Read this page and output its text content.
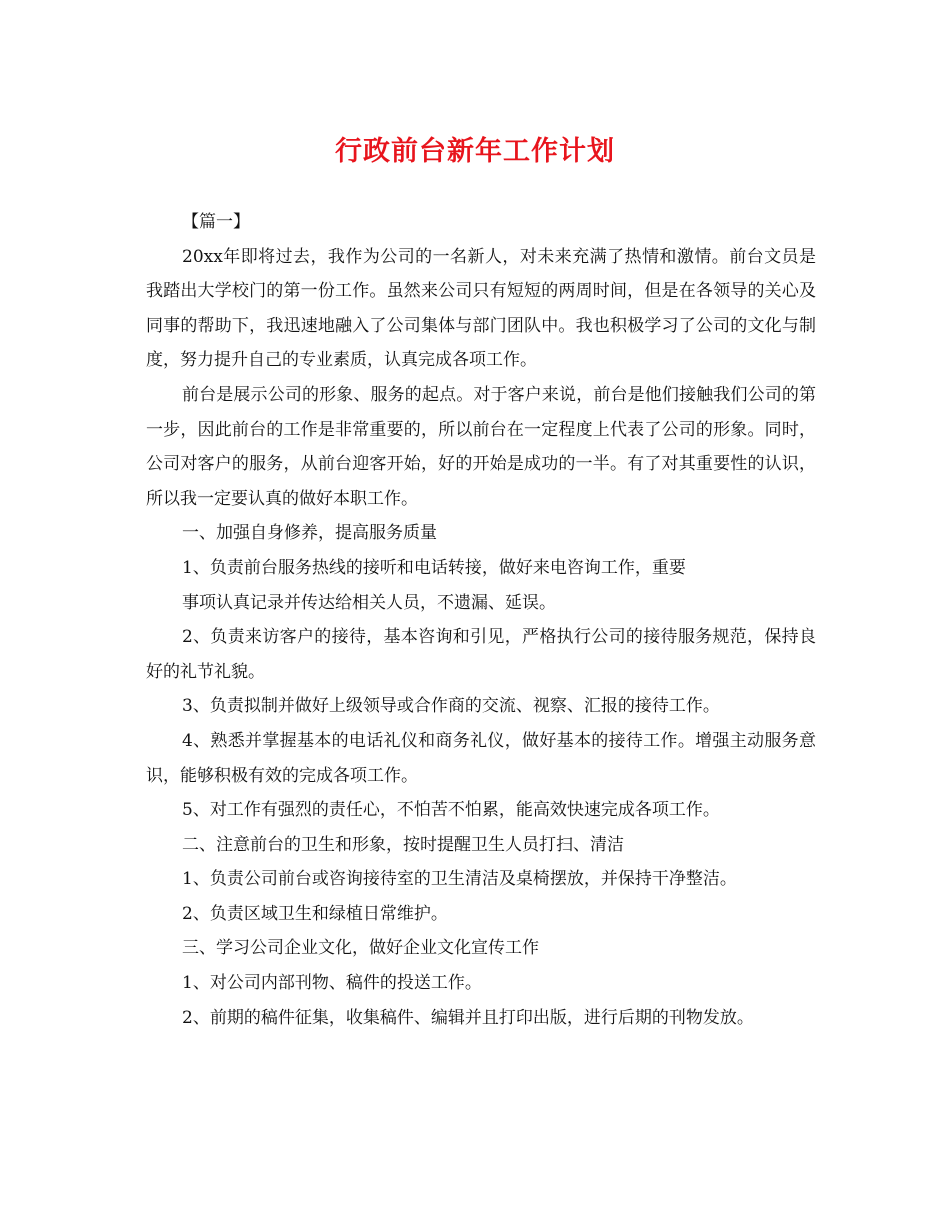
行政前台新年工作计划

【篇一】

20xx年即将过去，我作为公司的一名新人，对未来充满了热情和激情。前台文员是我踏出大学校门的第一份工作。虽然来公司只有短短的两周时间，但是在各领导的关心及同事的帮助下，我迅速地融入了公司集体与部门团队中。我也积极学习了公司的文化与制度，努力提升自己的专业素质，认真完成各项工作。

前台是展示公司的形象、服务的起点。对于客户来说，前台是他们接触我们公司的第一步，因此前台的工作是非常重要的，所以前台在一定程度上代表了公司的形象。同时，公司对客户的服务，从前台迎客开始，好的开始是成功的一半。有了对其重要性的认识，所以我一定要认真的做好本职工作。

一、加强自身修养，提高服务质量

1、负责前台服务热线的接听和电话转接，做好来电咨询工作，重要

事项认真记录并传达给相关人员，不遗漏、延误。

2、负责来访客户的接待，基本咨询和引见，严格执行公司的接待服务规范，保持良好的礼节礼貌。

3、负责拟制并做好上级领导或合作商的交流、视察、汇报的接待工作。

4、熟悉并掌握基本的电话礼仪和商务礼仪，做好基本的接待工作。增强主动服务意识，能够积极有效的完成各项工作。

5、对工作有强烈的责任心，不怕苦不怕累，能高效快速完成各项工作。

二、注意前台的卫生和形象，按时提醒卫生人员打扫、清洁

1、负责公司前台或咨询接待室的卫生清洁及桌椅摆放，并保持干净整洁。

2、负责区域卫生和绿植日常维护。

三、学习公司企业文化，做好企业文化宣传工作

1、对公司内部刊物、稿件的投送工作。

2、前期的稿件征集，收集稿件、编辑并且打印出版，进行后期的刊物发放。
